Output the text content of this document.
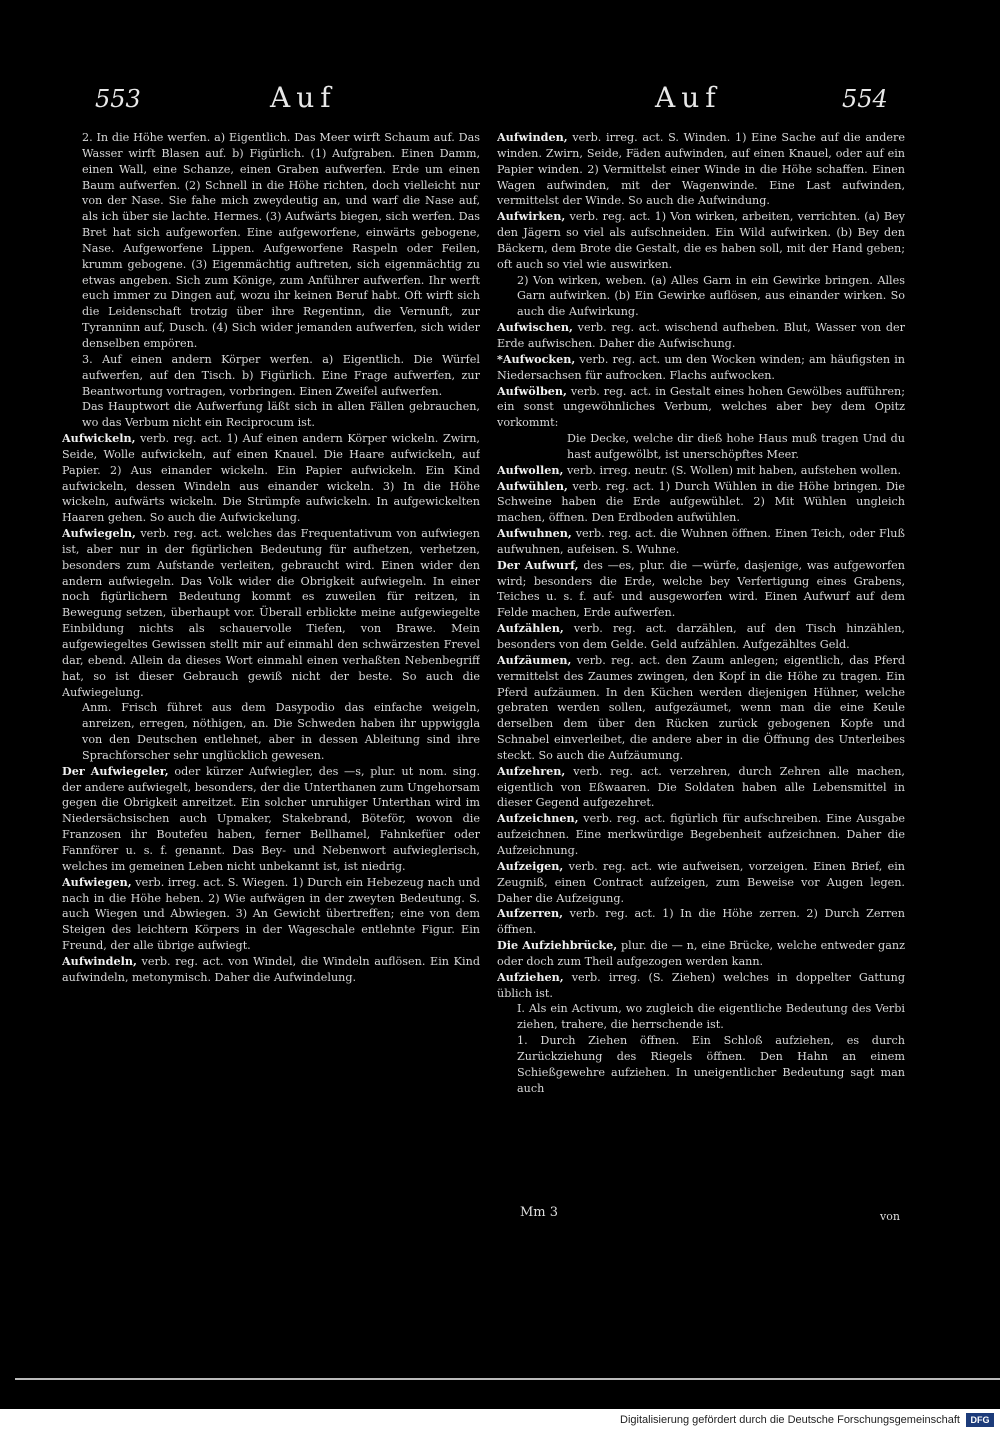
553	Auf	Auf	554

2. In die Höhe werfen. a) Eigentlich. Das Meer wirft Schaum auf. Das Wasser wirft Blasen auf. b) Figürlich. (1) Aufgraben. Einen Damm, einen Wall, eine Schanze, einen Graben aufwerfen. Erde um einen Baum aufwerfen. (2) Schnell in die Höhe richten, doch vielleicht nur von der Nase. Sie fahe mich zweydeutig an, und warf die Nase auf, als ich über sie lachte. Hermes. (3) Aufwärts biegen, sich werfen. Das Bret hat sich aufgeworfen. Eine aufgeworfene, einwärts gebogene, Nase. Aufgeworfene Lippen. Aufgeworfene Raspeln oder Feilen, krumm gebogene. (3) Eigenmächtig auftreten, sich eigenmächtig zu etwas angeben. Sich zum Könige, zum Anführer aufwerfen. Ihr werft euch immer zu Dingen auf, wozu ihr keinen Beruf habt. Oft wirft sich die Leidenschaft trotzig über ihre Regentinn, die Vernunft, zur Tyranninn auf, Dusch. (4) Sich wider jemanden aufwerfen, sich wider denselben empören.

3. Auf einen andern Körper werfen. a) Eigentlich. Die Würfel aufwerfen, auf den Tisch. b) Figürlich. Eine Frage aufwerfen, zur Beantwortung vortragen, vorbringen. Einen Zweifel aufwerfen.

Das Hauptwort die Aufwerfung läßt sich in allen Fällen gebrauchen, wo das Verbum nicht ein Reciprocum ist.

Aufwickeln, verb. reg. act. 1) Auf einen andern Körper wickeln. Zwirn, Seide, Wolle aufwickeln, auf einen Knauel. Die Haare aufwickeln, auf Papier. 2) Aus einander wickeln. Ein Papier aufwickeln. Ein Kind aufwickeln, dessen Windeln aus einander wickeln. 3) In die Höhe wickeln, aufwärts wickeln. Die Strümpfe aufwickeln. In aufgewickelten Haaren gehen. So auch die Aufwickelung.

Aufwiegeln, verb. reg. act. welches das Frequentativum von aufwiegen ist, aber nur in der figürlichen Bedeutung für aufhetzen, verhetzen, besonders zum Aufstande verleiten, gebraucht wird. Einen wider den andern aufwiegeln. Das Volk wider die Obrigkeit aufwiegeln. In einer noch figürlichern Bedeutung kommt es zuweilen für reitzen, in Bewegung setzen, überhaupt vor. Überall erblickte meine aufgewiegelte Einbildung nichts als schauervolle Tiefen, von Brawe. Mein aufgewiegeltes Gewissen stellt mir auf einmahl den schwärzesten Frevel dar, ebend. Allein da dieses Wort einmahl einen verhaßten Nebenbegriff hat, so ist dieser Gebrauch gewiß nicht der beste. So auch die Aufwiegelung.

Anm. Frisch führet aus dem Dasypodio das einfache weigeln, anreizen, erregen, nöthigen, an. Die Schweden haben ihr uppwiggla von den Deutschen entlehnet, aber in dessen Ableitung sind ihre Sprachforscher sehr unglücklich gewesen.

Der Aufwiegeler, oder kürzer Aufwiegler, des —s, plur. ut nom. sing. der andere aufwiegelt, besonders, der die Unterthanen zum Ungehorsam gegen die Obrigkeit anreitzet. Ein solcher unruhiger Unterthan wird im Niedersächsischen auch Upmaker, Stakebrand, Böteför, wovon die Franzosen ihr Boutefeu haben, ferner Bellhamel, Fahnkefüer oder Fannförer u. s. f. genannt. Das Bey- und Nebenwort aufwieglerisch, welches im gemeinen Leben nicht unbekannt ist, ist niedrig.

Aufwiegen, verb. irreg. act. S. Wiegen. 1) Durch ein Hebezeug nach und nach in die Höhe heben. 2) Wie aufwägen in der zweyten Bedeutung. S. auch Wiegen und Abwiegen. 3) An Gewicht übertreffen; eine von dem Steigen des leichtern Körpers in der Wageschale entlehnte Figur. Ein Freund, der alle übrige aufwiegt.

Aufwindeln, verb. reg. act. von Windel, die Windeln auflösen. Ein Kind aufwindeln, metonymisch. Daher die Aufwindelung.

Aufwinden, verb. irreg. act. S. Winden. 1) Eine Sache auf die andere winden. Zwirn, Seide, Fäden aufwinden, auf einen Knauel, oder auf ein Papier winden. 2) Vermittelst einer Winde in die Höhe schaffen. Einen Wagen aufwinden, mit der Wagenwinde. Eine Last aufwinden, vermittelst der Winde. So auch die Aufwindung.

Aufwirken, verb. reg. act. 1) Von wirken, arbeiten, verrichten. (a) Bey den Jägern so viel als aufschneiden. Ein Wild aufwirken. (b) Bey den Bäckern, dem Brote die Gestalt, die es haben soll, mit der Hand geben; oft auch so viel wie auswirken.

2) Von wirken, weben. (a) Alles Garn in ein Gewirke bringen. Alles Garn aufwirken. (b) Ein Gewirke auflösen, aus einander wirken. So auch die Aufwirkung.

Aufwischen, verb. reg. act. wischend aufheben. Blut, Wasser von der Erde aufwischen. Daher die Aufwischung.

*Aufwocken, verb. reg. act. um den Wocken winden; am häufigsten in Niedersachsen für aufrocken. Flachs aufwocken.

Aufwölben, verb. reg. act. in Gestalt eines hohen Gewölbes aufführen; ein sonst ungewöhnliches Verbum, welches aber bey dem Opitz vorkommt:

Die Decke, welche dir dieß hohe Haus muß tragen Und du hast aufgewölbt, ist unerschöpftes Meer.

Aufwollen, verb. irreg. neutr. (S. Wollen) mit haben, aufstehen wollen.

Aufwühlen, verb. reg. act. 1) Durch Wühlen in die Höhe bringen. Die Schweine haben die Erde aufgewühlet. 2) Mit Wühlen ungleich machen, öffnen. Den Erdboden aufwühlen.

Aufwuhnen, verb. reg. act. die Wuhnen öffnen. Einen Teich, oder Fluß aufwuhnen, aufeisen. S. Wuhne.

Der Aufwurf, des —es, plur. die —würfe, dasjenige, was aufgeworfen wird; besonders die Erde, welche bey Verfertigung eines Grabens, Teiches u. s. f. auf- und ausgeworfen wird. Einen Aufwurf auf dem Felde machen, Erde aufwerfen.

Aufzählen, verb. reg. act. darzählen, auf den Tisch hinzählen, besonders von dem Gelde. Geld aufzählen. Aufgezähltes Geld.

Aufzäumen, verb. reg. act. den Zaum anlegen; eigentlich, das Pferd vermittelst des Zaumes zwingen, den Kopf in die Höhe zu tragen. Ein Pferd aufzäumen. In den Küchen werden diejenigen Hühner, welche gebraten werden sollen, aufgezäumet, wenn man die eine Keule derselben dem über den Rücken zurück gebogenen Kopfe und Schnabel einverleibet, die andere aber in die Öffnung des Unterleibes steckt. So auch die Aufzäumung.

Aufzehren, verb. reg. act. verzehren, durch Zehren alle machen, eigentlich von Eßwaaren. Die Soldaten haben alle Lebensmittel in dieser Gegend aufgezehret.

Aufzeichnen, verb. reg. act. figürlich für aufschreiben. Eine Ausgabe aufzeichnen. Eine merkwürdige Begebenheit aufzeichnen. Daher die Aufzeichnung.

Aufzeigen, verb. reg. act. wie aufweisen, vorzeigen. Einen Brief, ein Zeugniß, einen Contract aufzeigen, zum Beweise vor Augen legen. Daher die Aufzeigung.

Aufzerren, verb. reg. act. 1) In die Höhe zerren. 2) Durch Zerren öffnen.

Die Aufziehbrücke, plur. die — n, eine Brücke, welche entweder ganz oder doch zum Theil aufgezogen werden kann.

Aufziehen, verb. irreg. (S. Ziehen) welches in doppelter Gattung üblich ist.

I. Als ein Activum, wo zugleich die eigentliche Bedeutung des Verbi ziehen, trahere, die herrschende ist.

1. Durch Ziehen öffnen. Ein Schloß aufziehen, es durch Zurückziehung des Riegels öffnen. Den Hahn an einem Schießgewehre aufziehen. In uneigentlicher Bedeutung sagt man auch

Mm 3	von
Digitalisierung gefördert durch die Deutsche Forschungsgemeinschaft	DFG
